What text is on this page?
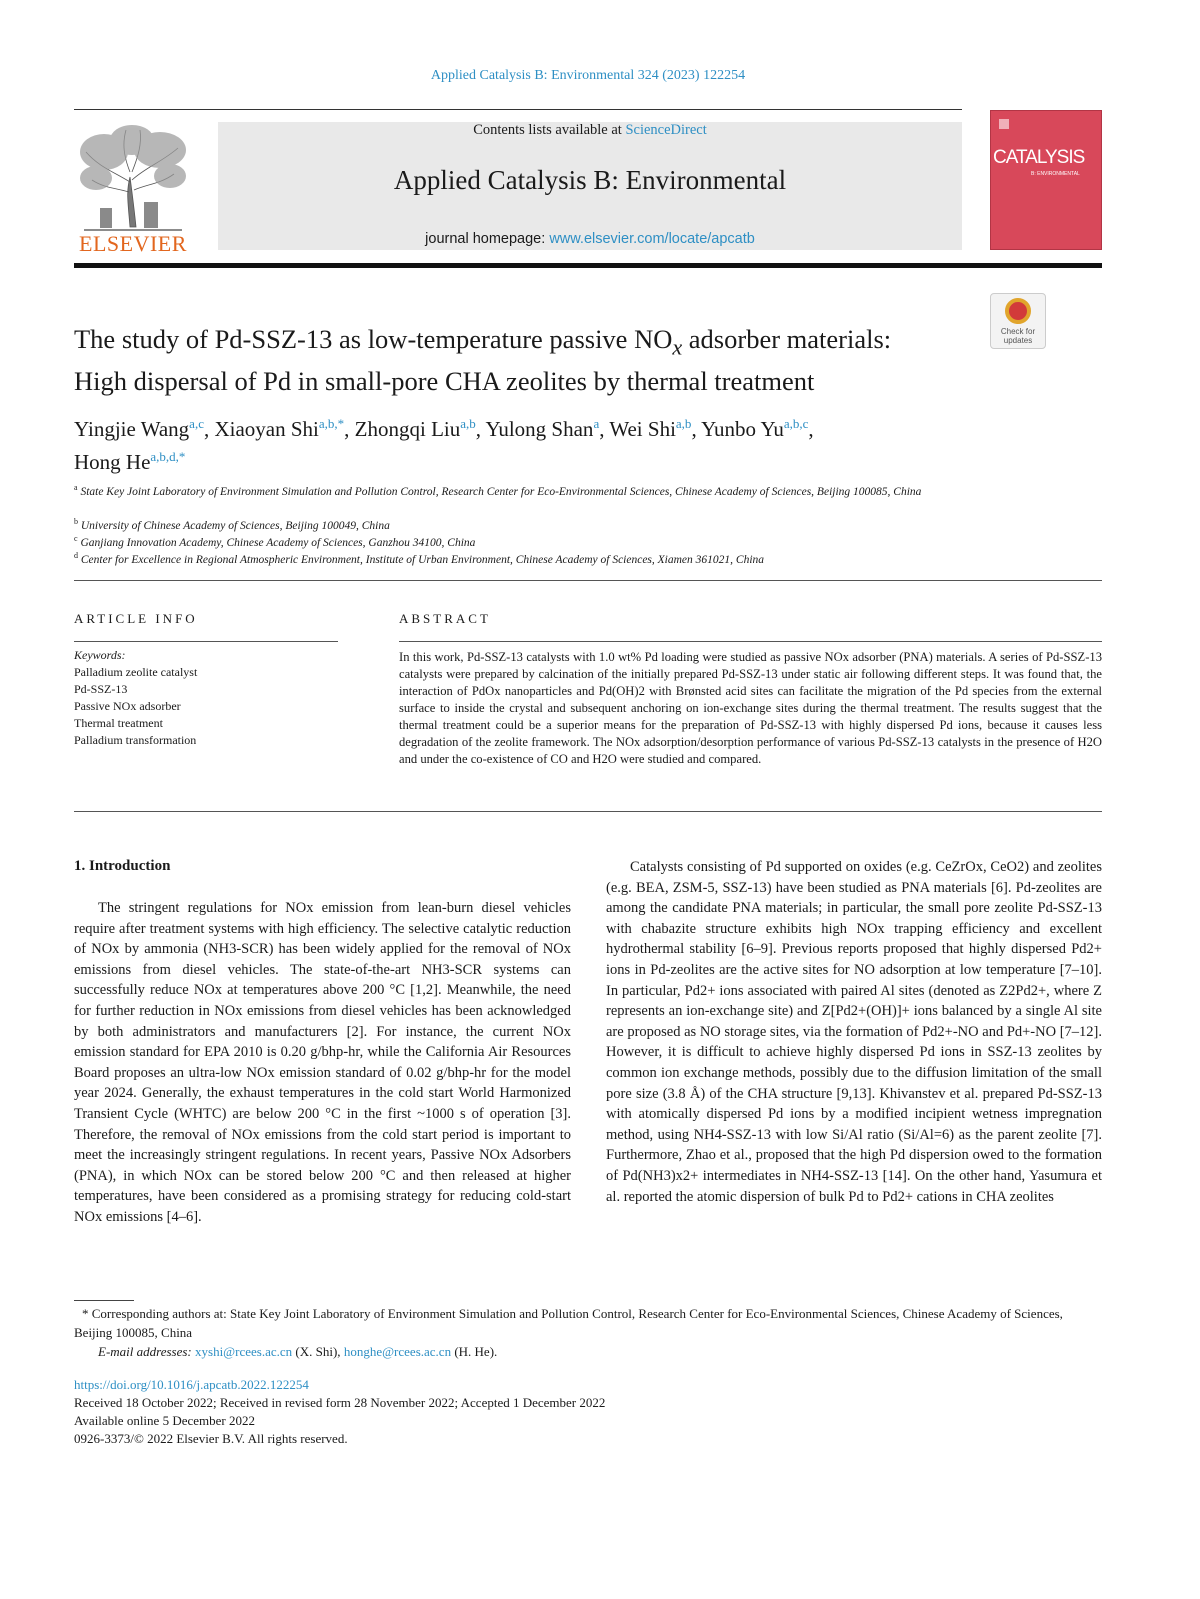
Applied Catalysis B: Environmental 324 (2023) 122254
ELSEVIER
Contents lists available at ScienceDirect
Applied Catalysis B: Environmental
journal homepage: www.elsevier.com/locate/apcatb
CATALYSIS
B: ENVIRONMENTAL
Check for updates
The study of Pd-SSZ-13 as low-temperature passive $NO_x$ adsorber materials:
High dispersal of Pd in small-pore CHA zeolites by thermal treatment
Yingjie Wang$^{a,c}$, Xiaoyan Shi$^{a,b,*}$, Zhongqi Liu$^{a,b}$, Yulong Shan$^a$, Wei Shi$^{a,b}$, Yunbo Yu$^{a,b,c}$,
Hong $He^{a,b,d,*}$
$^a$ State Key Joint Laboratory of Environment Simulation and Pollution Control, Research Center for Eco-Environmental Sciences, Chinese Academy of Sciences, Beijing 100085, China
$^b$ University of Chinese Academy of Sciences, Beijing 100049, China
$^c$ Ganjiang Innovation Academy, Chinese Academy of Sciences, Ganzhou 34100, China
$^d$ Center for Excellence in Regional Atmospheric Environment, Institute of Urban Environment, Chinese Academy of Sciences, Xiamen 361021, China
ARTICLE INFO
Keywords:
Palladium zeolite catalyst
Pd-SSZ-13
Passive NOx adsorber
Thermal treatment
Palladium transformation
ABSTRACT
In this work, Pd-SSZ-13 catalysts with 1.0 wt% Pd loading were studied as passive NOx adsorber (PNA) materials. A series of Pd-SSZ-13 catalysts were prepared by calcination of the initially prepared Pd-SSZ-13 under static air following different steps. It was found that, the interaction of PdOx nanoparticles and Pd(OH)2 with Brønsted acid sites can facilitate the migration of the Pd species from the external surface to inside the crystal and subsequent anchoring on ion-exchange sites during the thermal treatment. The results suggest that the thermal treatment could be a superior means for the preparation of Pd-SSZ-13 with highly dispersed Pd ions, because it causes less degradation of the zeolite framework. The NOx adsorption/desorption performance of various Pd-SSZ-13 catalysts in the presence of H2O and under the co-existence of CO and H2O were studied and compared.
1. Introduction
The stringent regulations for NOx emission from lean-burn diesel vehicles require after treatment systems with high efficiency. The selective catalytic reduction of NOx by ammonia (NH3-SCR) has been widely applied for the removal of NOx emissions from diesel vehicles. The state-of-the-art NH3-SCR systems can successfully reduce NOx at temperatures above 200 °C [1,2]. Meanwhile, the need for further reduction in NOx emissions from diesel vehicles has been acknowledged by both administrators and manufacturers [2]. For instance, the current NOx emission standard for EPA 2010 is 0.20 g/bhp-hr, while the California Air Resources Board proposes an ultra-low NOx emission standard of 0.02 g/bhp-hr for the model year 2024. Generally, the exhaust temperatures in the cold start World Harmonized Transient Cycle (WHTC) are below 200 °C in the first ~1000 s of operation [3]. Therefore, the removal of NOx emissions from the cold start period is important to meet the increasingly stringent regulations. In recent years, Passive NOx Adsorbers (PNA), in which NOx can be stored below 200 °C and then released at higher temperatures, have been considered as a promising strategy for reducing cold-start NOx emissions [4–6].
Catalysts consisting of Pd supported on oxides (e.g. CeZrOx, CeO2) and zeolites (e.g. BEA, ZSM-5, SSZ-13) have been studied as PNA materials [6]. Pd-zeolites are among the candidate PNA materials; in particular, the small pore zeolite Pd-SSZ-13 with chabazite structure exhibits high NOx trapping efficiency and excellent hydrothermal stability [6–9]. Previous reports proposed that highly dispersed Pd2+ ions in Pd-zeolites are the active sites for NO adsorption at low temperature [7–10]. In particular, Pd2+ ions associated with paired Al sites (denoted as Z2Pd2+, where Z represents an ion-exchange site) and Z[Pd2+(OH)]+ ions balanced by a single Al site are proposed as NO storage sites, via the formation of Pd2+-NO and Pd+-NO [7–12]. However, it is difficult to achieve highly dispersed Pd ions in SSZ-13 zeolites by common ion exchange methods, possibly due to the diffusion limitation of the small pore size (3.8 Å) of the CHA structure [9,13]. Khivanstev et al. prepared Pd-SSZ-13 with atomically dispersed Pd ions by a modified incipient wetness impregnation method, using NH4-SSZ-13 with low Si/Al ratio (Si/Al=6) as the parent zeolite [7]. Furthermore, Zhao et al., proposed that the high Pd dispersion owed to the formation of Pd(NH3)x2+ intermediates in NH4-SSZ-13 [14]. On the other hand, Yasumura et al. reported the atomic dispersion of bulk Pd to Pd2+ cations in CHA zeolites
* Corresponding authors at: State Key Joint Laboratory of Environment Simulation and Pollution Control, Research Center for Eco-Environmental Sciences, Chinese Academy of Sciences, Beijing 100085, China
E-mail addresses: xyshi@rcees.ac.cn (X. Shi), honghe@rcees.ac.cn (H. He).
https://doi.org/10.1016/j.apcatb.2022.122254
Received 18 October 2022; Received in revised form 28 November 2022; Accepted 1 December 2022
Available online 5 December 2022
0926-3373/© 2022 Elsevier B.V. All rights reserved.
